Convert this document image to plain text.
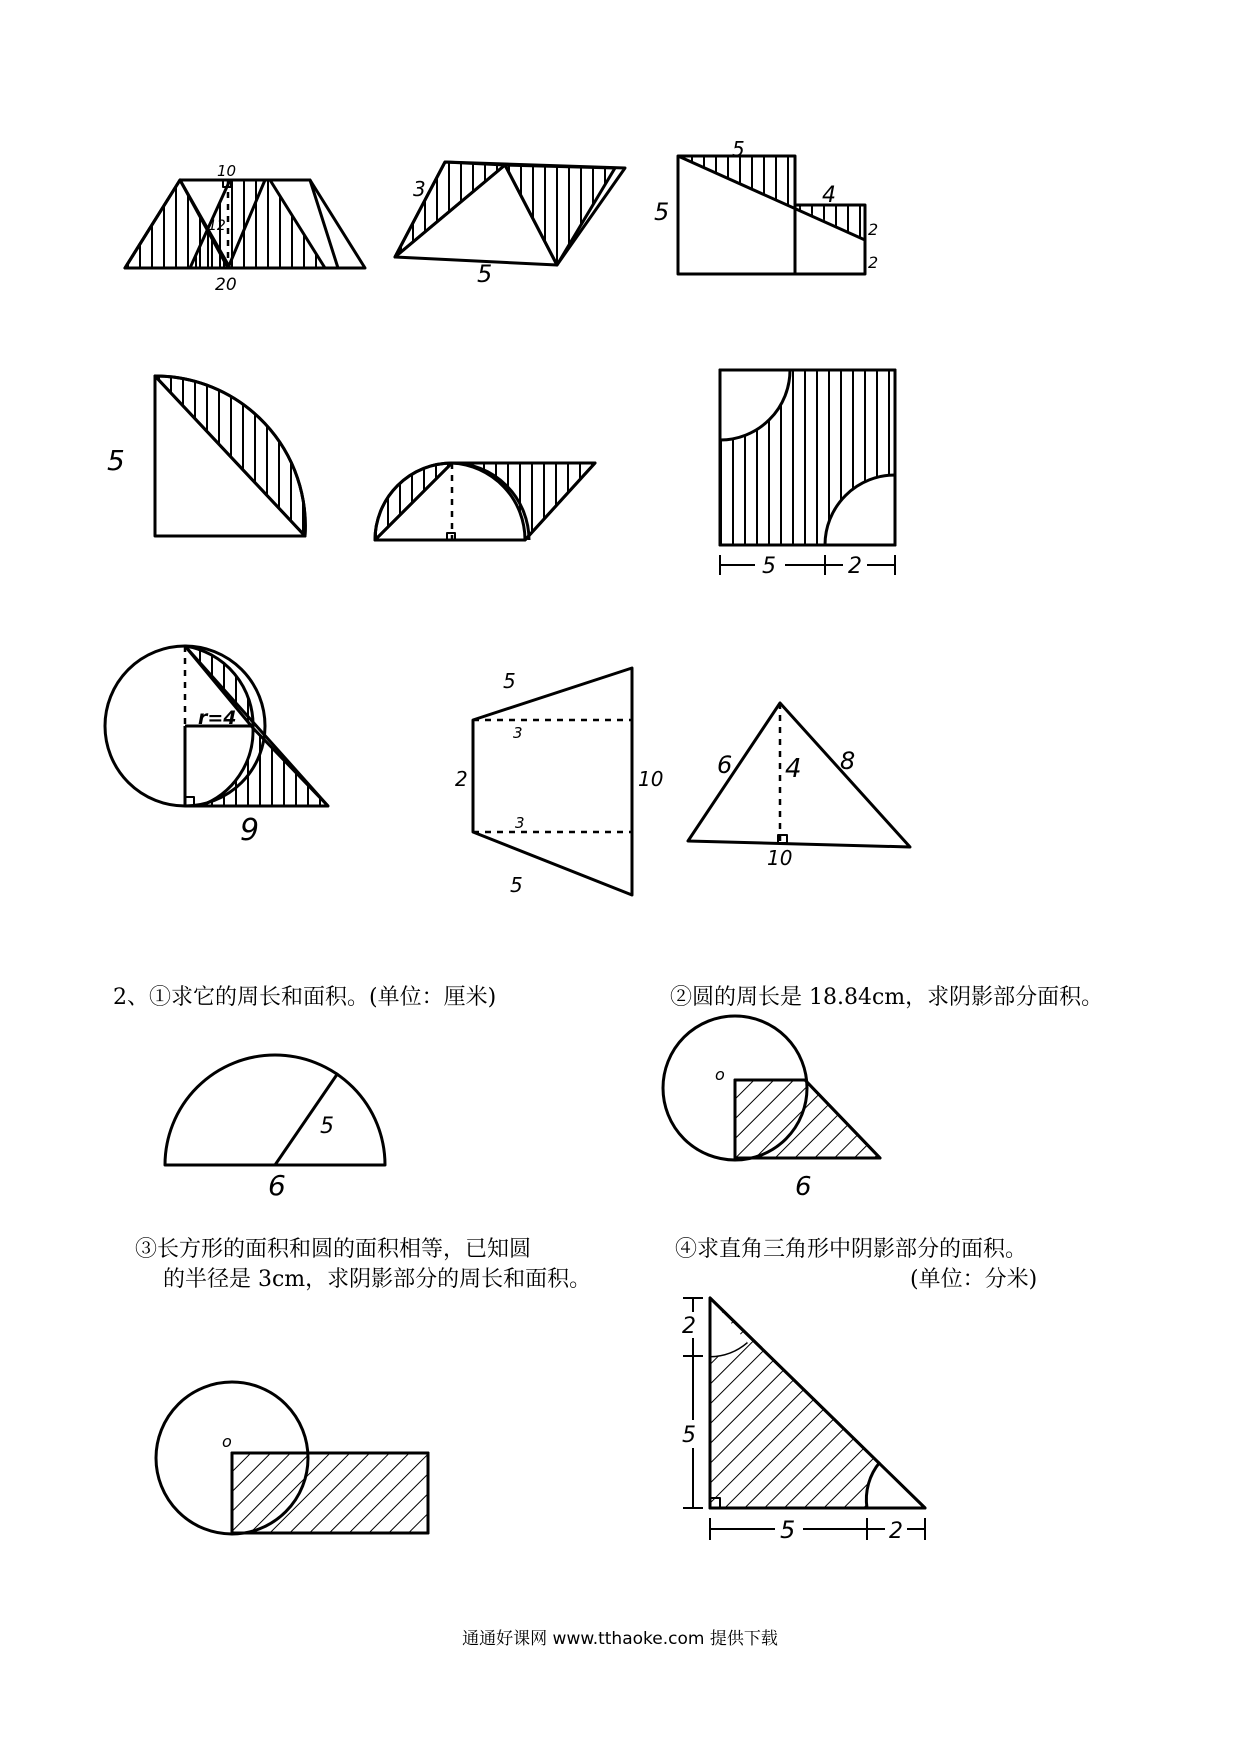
10
12
20
3
5
5
5
4
2
2
5
5	2
r=4
9
5
3
2	10
3
5
6 4 8
10
2、①求它的周长和面积。(单位：厘米)	②圆的周长是 18.84cm，求阴影部分面积。
③长方形的面积和圆的面积相等，已知圆
的半径是 3cm，求阴影部分的周长和面积。
④求直角三角形中阴影部分的面积。
(单位：分米)
5
6
o
6
o
2
5
5	2
通通好课网 www.tthaoke.com 提供下载
